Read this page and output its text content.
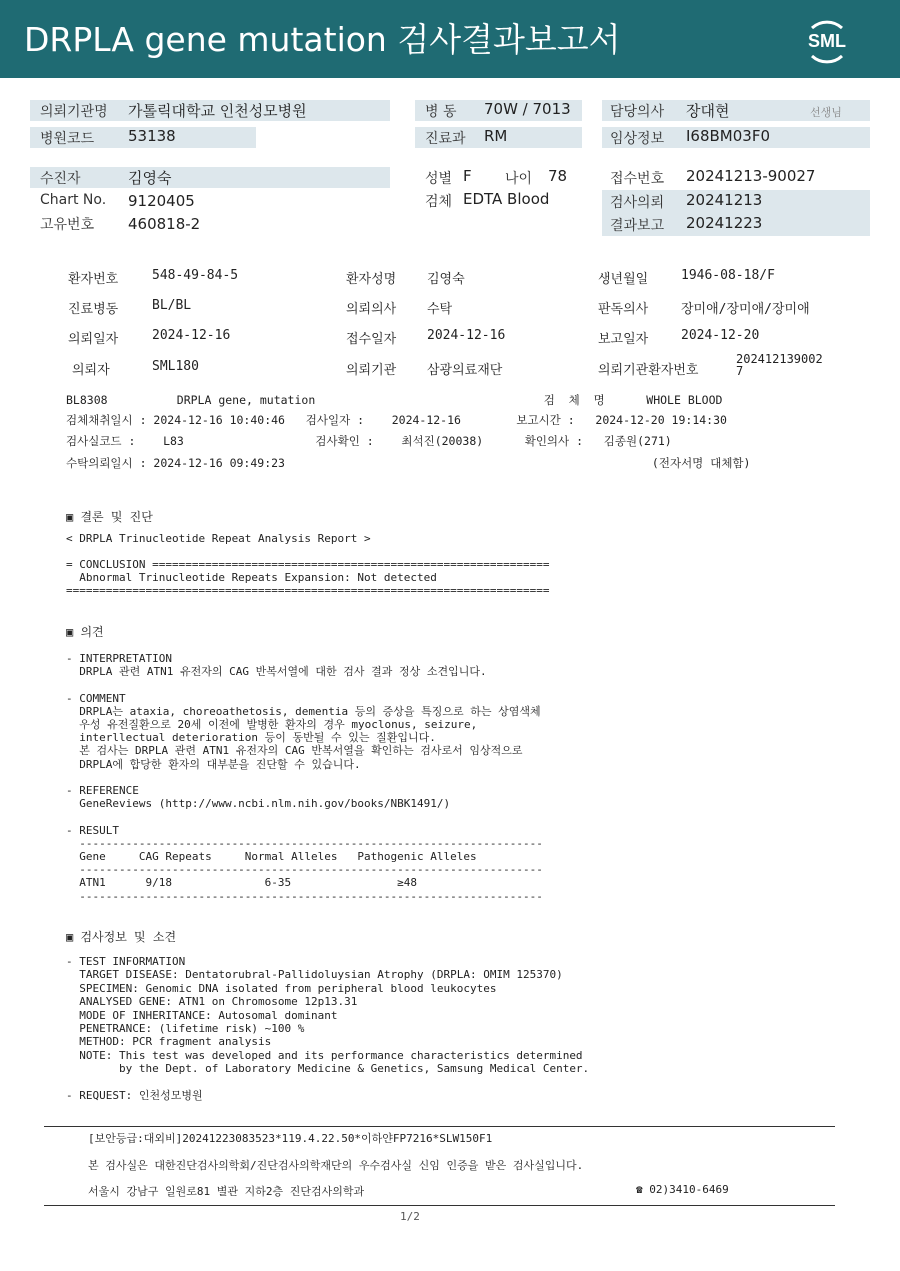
DRPLA gene mutation 검사결과보고서	SML
의뢰기관명 가톨릭대학교 인천성모병원	병 동 70W / 7013	담당의사 장대현	선생님
병원코드 53138	진료과 RM	임상정보 I68BM03F0
수진자	김영숙	성별 F 나이 78	접수번호 20241213-90027
Chart No. 9120405	검체 EDTA Blood	검사의뢰 20241213
고유번호 460818-2	결과보고 20241223
환자번호	548-49-84-5	환자성명 김영숙	생년월일	1946-08-18/F
진료병동	BL/BL	의뢰의사 수탁	판독의사	장미애/장미애/장미애
의뢰일자	2024-12-16	접수일자 2024-12-16	보고일자	2024-12-20
의뢰자	SML180	의뢰기관 삼광의료재단	의뢰기관환자번호
202412139002
7
BL8308          DRPLA gene, mutation                                 검  체  명      WHOLE BLOOD
검체채취일시 : 2024-12-16 10:40:46   검사일자 :    2024-12-16        보고시간 :   2024-12-20 19:14:30
검사실코드 :    L83                   검사확인 :    최석진(20038)      확인의사 :   김종원(271)
수탁의뢰일시 : 2024-12-16 09:49:23                                                     (전자서명 대체함)
▣ 결론 및 진단
< DRPLA Trinucleotide Repeat Analysis Report >

= CONCLUSION ============================================================
Abnormal Trinucleotide Repeats Expansion: Not detected
=========================================================================
▣ 의견
- INTERPRETATION
DRPLA 관련 ATN1 유전자의 CAG 반복서열에 대한 검사 결과 정상 소견입니다.

- COMMENT
DRPLA는 ataxia, choreoathetosis, dementia 등의 증상을 특징으로 하는 상염색체
우성 유전질환으로 20세 이전에 발병한 환자의 경우 myoclonus, seizure,
interllectual deterioration 등이 동반될 수 있는 질환입니다.
본 검사는 DRPLA 관련 ATN1 유전자의 CAG 반복서열을 확인하는 검사로서 임상적으로
DRPLA에 합당한 환자의 대부분을 진단할 수 있습니다.

- REFERENCE
GeneReviews (http://www.ncbi.nlm.nih.gov/books/NBK1491/)

- RESULT
----------------------------------------------------------------------
Gene     CAG Repeats     Normal Alleles   Pathogenic Alleles
----------------------------------------------------------------------
ATN1      9/18              6-35                ≥48
----------------------------------------------------------------------
▣ 검사정보 및 소견
- TEST INFORMATION
TARGET DISEASE: Dentatorubral-Pallidoluysian Atrophy (DRPLA: OMIM 125370)
SPECIMEN: Genomic DNA isolated from peripheral blood leukocytes
ANALYSED GENE: ATN1 on Chromosome 12p13.31
MODE OF INHERITANCE: Autosomal dominant
PENETRANCE: (lifetime risk) ~100 %
METHOD: PCR fragment analysis
NOTE: This test was developed and its performance characteristics determined
by the Dept. of Laboratory Medicine & Genetics, Samsung Medical Center.

- REQUEST: 인천성모병원
[보안등급:대외비]20241223083523*119.4.22.50*이하얀FP7216*SLW150F1
본 검사실은 대한진단검사의학회/진단검사의학재단의 우수검사실 신임 인증을 받은 검사실입니다.
서울시 강남구 일원로81 별관 지하2층 진단검사의학과	☎ 02)3410-6469
1/2
